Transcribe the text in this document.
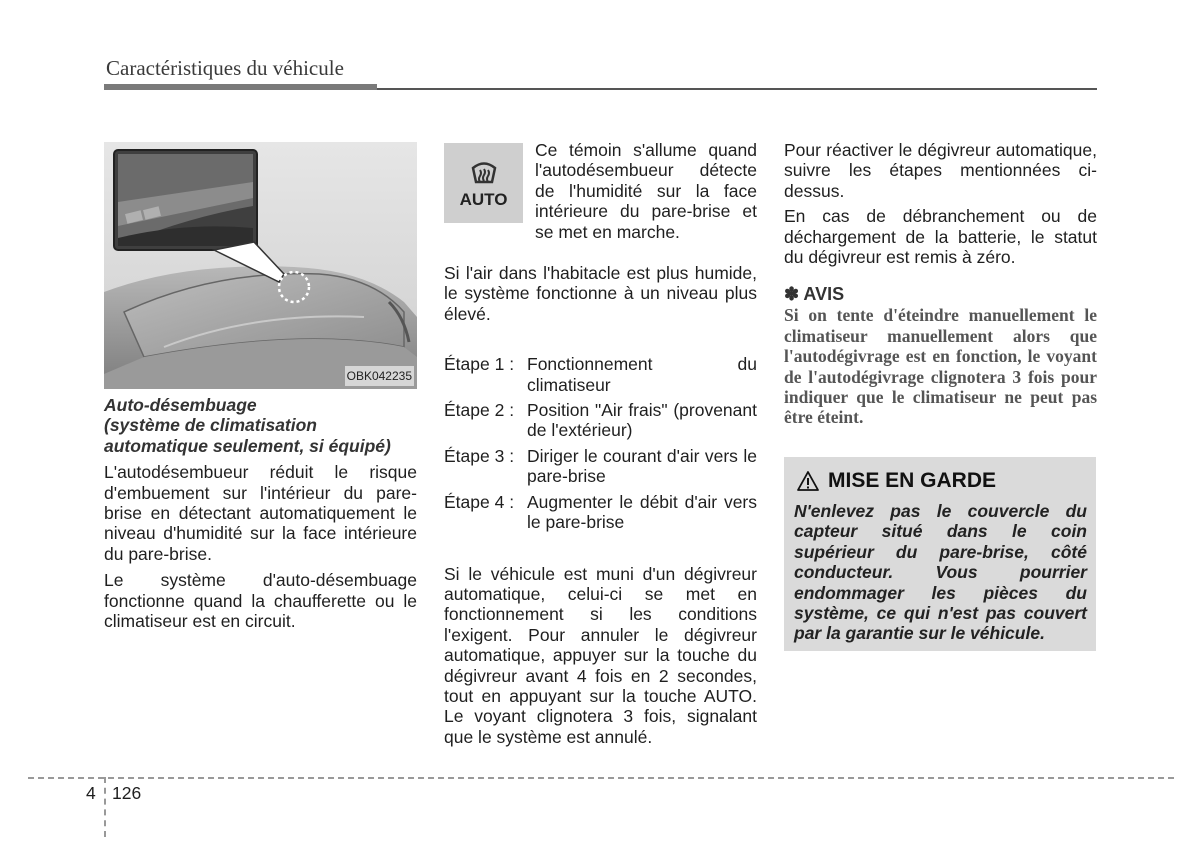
Caractéristiques du véhicule
OBK042235
Auto-désembuage
(système de climatisation
automatique seulement, si équipé)

L'autodésembueur réduit le risque d'embuement sur l'intérieur du pare-brise en détectant automatiquement le niveau d'humidité sur la face intérieure du pare-brise.

Le système d'auto-désembuage fonctionne quand la chaufferette ou le climatiseur est en circuit.

AUTO

Ce témoin s'allume quand l'autodésembueur détecte de l'humidité sur la face intérieure du pare-brise et se met en marche.

Si l'air dans l'habitacle est plus humide, le système fonctionne à un niveau plus élevé.

Étape 1 : Fonctionnement du climatiseur
Étape 2 : Position "Air frais" (provenant de l'extérieur)
Étape 3 : Diriger le courant d'air vers le pare-brise
Étape 4 : Augmenter le débit d'air vers le pare-brise

Si le véhicule est muni d'un dégivreur automatique, celui-ci se met en fonctionnement si les conditions l'exigent. Pour annuler le dégivreur automatique, appuyer sur la touche du dégivreur avant 4 fois en 2 secondes, tout en appuyant sur la touche AUTO. Le voyant clignotera 3 fois, signalant que le système est annulé.

Pour réactiver le dégivreur automatique, suivre les étapes mentionnées ci-dessus.

En cas de débranchement ou de déchargement de la batterie, le statut du dégivreur est remis à zéro.

✽ AVIS

Si on tente d'éteindre manuellement le climatiseur manuellement alors que l'autodégivrage est en fonction, le voyant de l'autodégivrage clignotera 3 fois pour indiquer que le climatiseur ne peut pas être éteint.

MISE EN GARDE

N'enlevez pas le couvercle du capteur situé dans le coin supérieur du pare-brise, côté conducteur. Vous pourrier endommager les pièces du système, ce qui n'est pas couvert par la garantie sur le véhicule.

4 126
